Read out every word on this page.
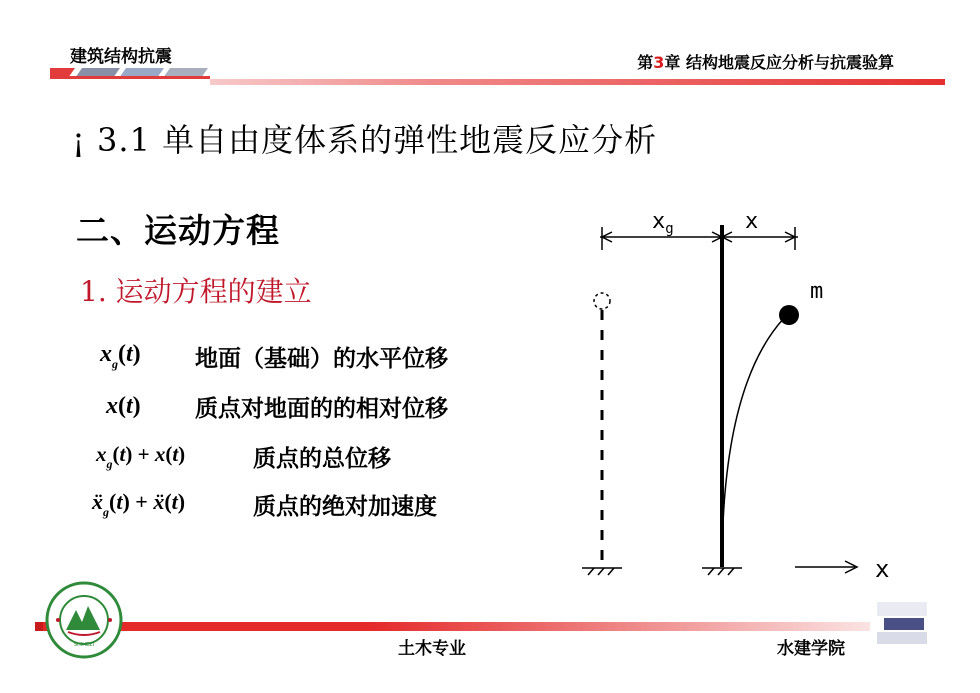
建筑结构抗震	第3章 结构地震反应分析与抗震验算
¡ 3.1 单自由度体系的弹性地震反应分析
二、运动方程
1. 运动方程的建立
$x_g(t)$	地面（基础）的水平位移
x(t)	质点对地面的的相对位移
$x_g(t) + x(t)$	质点的总位移
ẍ$_g$(t) + ẍ(t)	质点的绝对加速度
$x_g$	x
m
x
土木专业	水建学院
SHIHEZI
